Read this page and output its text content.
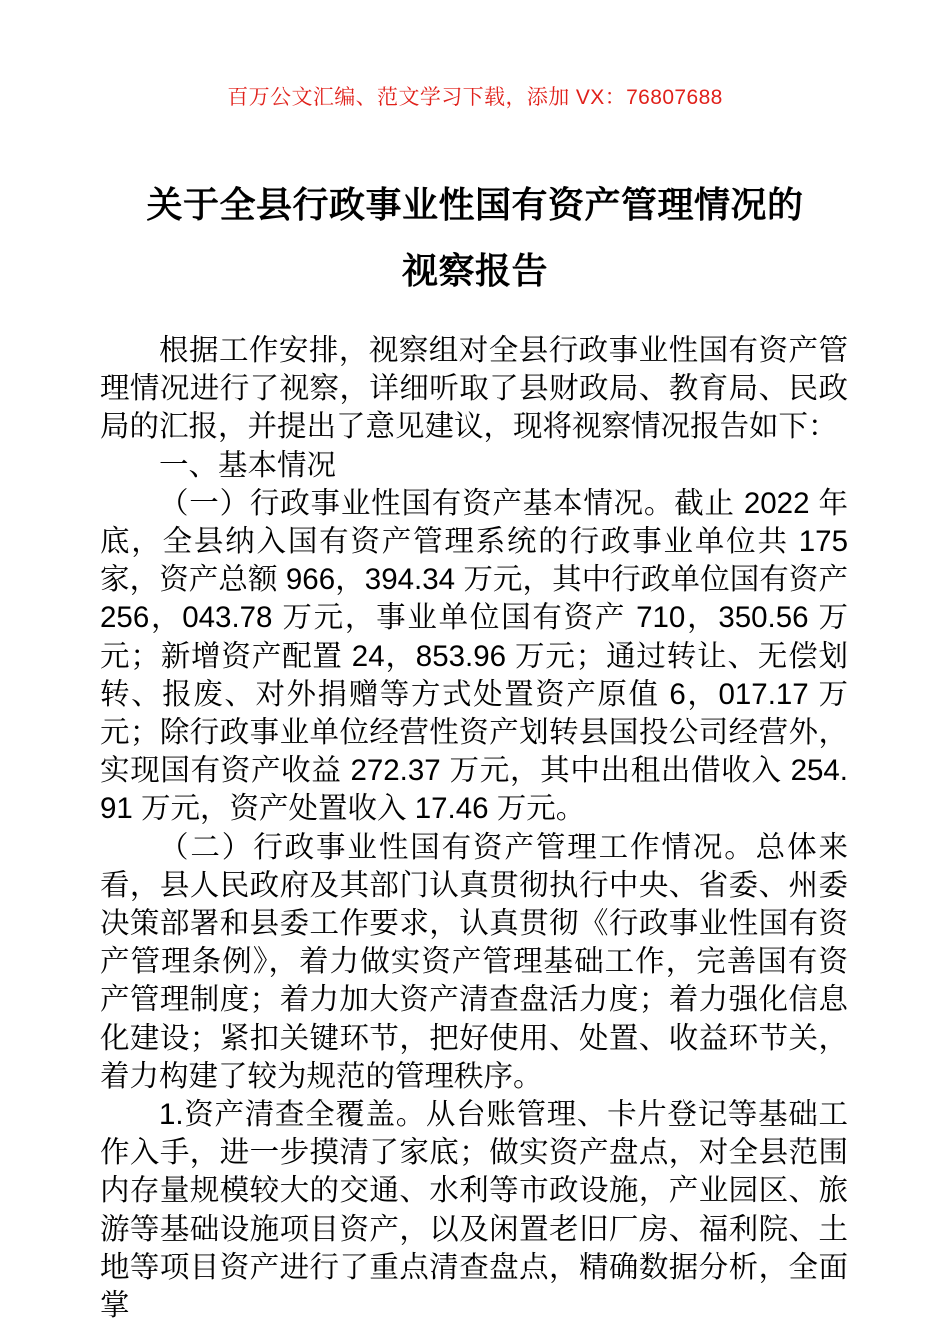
百万公文汇编、范文学习下载，添加 VX：76807688
关于全县行政事业性国有资产管理情况的
视察报告

根据工作安排，视察组对全县行政事业性国有资产管理情况进行了视察，详细听取了县财政局、教育局、民政局的汇报，并提出了意见建议，现将视察情况报告如下：

一、基本情况

（一）行政事业性国有资产基本情况。截止 2022 年底，全县纳入国有资产管理系统的行政事业单位共 175 家，资产总额 966，394.34 万元，其中行政单位国有资产 256，043.78 万元，事业单位国有资产 710，350.56 万元；新增资产配置 24，853.96 万元；通过转让、无偿划转、报废、对外捐赠等方式处置资产原值 6，017.17 万元；除行政事业单位经营性资产划转县国投公司经营外，实现国有资产收益 272.37 万元，其中出租出借收入 254.91 万元，资产处置收入 17.46 万元。

（二）行政事业性国有资产管理工作情况。总体来看，县人民政府及其部门认真贯彻执行中央、省委、州委决策部署和县委工作要求，认真贯彻《行政事业性国有资产管理条例》，着力做实资产管理基础工作，完善国有资产管理制度；着力加大资产清查盘活力度；着力强化信息化建设；紧扣关键环节，把好使用、处置、收益环节关，着力构建了较为规范的管理秩序。

1.资产清查全覆盖。从台账管理、卡片登记等基础工作入手，进一步摸清了家底；做实资产盘点，对全县范围内存量规模较大的交通、水利等市政设施，产业园区、旅游等基础设施项目资产，以及闲置老旧厂房、福利院、土地等项目资产进行了重点清查盘点，精确数据分析，全面掌
